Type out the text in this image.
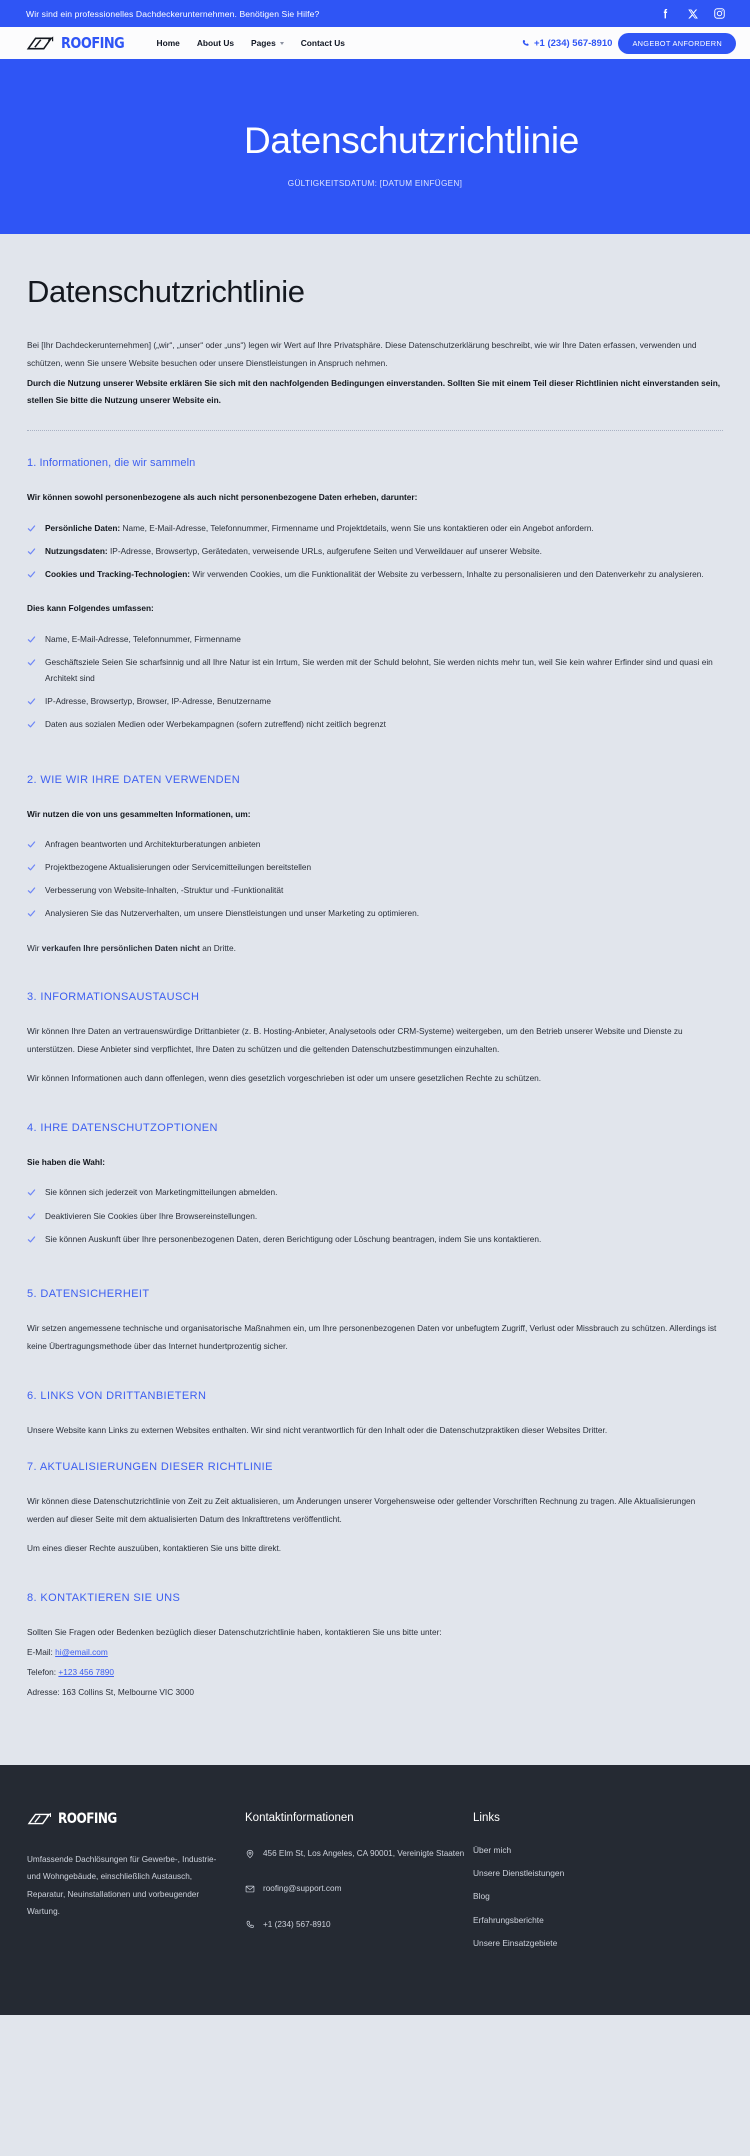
Wir sind ein professionelles Dachdeckerunternehmen. Benötigen Sie Hilfe?
ROOFING	Home About Us Pages	Contact Us	+1 (234) 567-8910	ANGEBOT ANFORDERN
Datenschutzrichtlinie
GÜLTIGKEITSDATUM: [DATUM EINFÜGEN]
Datenschutzrichtlinie

Bei [Ihr Dachdeckerunternehmen] („wir“, „unser“ oder „uns“) legen wir Wert auf Ihre Privatsphäre. Diese Datenschutzerklärung beschreibt, wie wir Ihre Daten erfassen, verwenden und schützen, wenn Sie unsere Website besuchen oder unsere Dienstleistungen in Anspruch nehmen.

Durch die Nutzung unserer Website erklären Sie sich mit den nachfolgenden Bedingungen einverstanden. Sollten Sie mit einem Teil dieser Richtlinien nicht einverstanden sein, stellen Sie bitte die Nutzung unserer Website ein.

1. Informationen, die wir sammeln

Wir können sowohl personenbezogene als auch nicht personenbezogene Daten erheben, darunter:

Persönliche Daten: Name, E-Mail-Adresse, Telefonnummer, Firmenname und Projektdetails, wenn Sie uns kontaktieren oder ein Angebot anfordern.
Nutzungsdaten: IP-Adresse, Browsertyp, Gerätedaten, verweisende URLs, aufgerufene Seiten und Verweildauer auf unserer Website.
Cookies und Tracking-Technologien: Wir verwenden Cookies, um die Funktionalität der Website zu verbessern, Inhalte zu personalisieren und den Datenverkehr zu analysieren.

Dies kann Folgendes umfassen:

Name, E-Mail-Adresse, Telefonnummer, Firmenname
Geschäftsziele Seien Sie scharfsinnig und all Ihre Natur ist ein Irrtum, Sie werden mit der Schuld belohnt, Sie werden nichts mehr tun, weil Sie kein wahrer Erfinder sind und quasi ein Architekt sind
IP-Adresse, Browsertyp, Browser, IP-Adresse, Benutzername
Daten aus sozialen Medien oder Werbekampagnen (sofern zutreffend) nicht zeitlich begrenzt
2. WIE WIR IHRE DATEN VERWENDEN

Wir nutzen die von uns gesammelten Informationen, um:

Anfragen beantworten und Architekturberatungen anbieten
Projektbezogene Aktualisierungen oder Servicemitteilungen bereitstellen
Verbesserung von Website-Inhalten, -Struktur und -Funktionalität
Analysieren Sie das Nutzerverhalten, um unsere Dienstleistungen und unser Marketing zu optimieren.

Wir verkaufen Ihre persönlichen Daten nicht an Dritte.

3. INFORMATIONSAUSTAUSCH

Wir können Ihre Daten an vertrauenswürdige Drittanbieter (z. B. Hosting-Anbieter, Analysetools oder CRM-Systeme) weitergeben, um den Betrieb unserer Website und Dienste zu unterstützen. Diese Anbieter sind verpflichtet, Ihre Daten zu schützen und die geltenden Datenschutzbestimmungen einzuhalten.

Wir können Informationen auch dann offenlegen, wenn dies gesetzlich vorgeschrieben ist oder um unsere gesetzlichen Rechte zu schützen.

4. IHRE DATENSCHUTZOPTIONEN

Sie haben die Wahl:

Sie können sich jederzeit von Marketingmitteilungen abmelden.
Deaktivieren Sie Cookies über Ihre Browsereinstellungen.
Sie können Auskunft über Ihre personenbezogenen Daten, deren Berichtigung oder Löschung beantragen, indem Sie uns kontaktieren.
5. DATENSICHERHEIT

Wir setzen angemessene technische und organisatorische Maßnahmen ein, um Ihre personenbezogenen Daten vor unbefugtem Zugriff, Verlust oder Missbrauch zu schützen. Allerdings ist keine Übertragungsmethode über das Internet hundertprozentig sicher.

6. LINKS VON DRITTANBIETERN

Unsere Website kann Links zu externen Websites enthalten. Wir sind nicht verantwortlich für den Inhalt oder die Datenschutzpraktiken dieser Websites Dritter.

7. AKTUALISIERUNGEN DIESER RICHTLINIE

Wir können diese Datenschutzrichtlinie von Zeit zu Zeit aktualisieren, um Änderungen unserer Vorgehensweise oder geltender Vorschriften Rechnung zu tragen. Alle Aktualisierungen werden auf dieser Seite mit dem aktualisierten Datum des Inkrafttretens veröffentlicht.

Um eines dieser Rechte auszuüben, kontaktieren Sie uns bitte direkt.

8. KONTAKTIEREN SIE UNS

Sollten Sie Fragen oder Bedenken bezüglich dieser Datenschutzrichtlinie haben, kontaktieren Sie uns bitte unter:

E-Mail: hi@email.com

Telefon: +123 456 7890

Adresse: 163 Collins St, Melbourne VIC 3000

ROOFING

Umfassende Dachlösungen für Gewerbe-, Industrie- und Wohngebäude, einschließlich Austausch, Reparatur, Neuinstallationen und vorbeugender Wartung.

Kontaktinformationen
456 Elm St, Los Angeles, CA 90001, Vereinigte Staaten
roofing@support.com
+1 (234) 567-8910
Links
Über mich
Unsere Dienstleistungen
Blog
Erfahrungsberichte
Unsere Einsatzgebiete
